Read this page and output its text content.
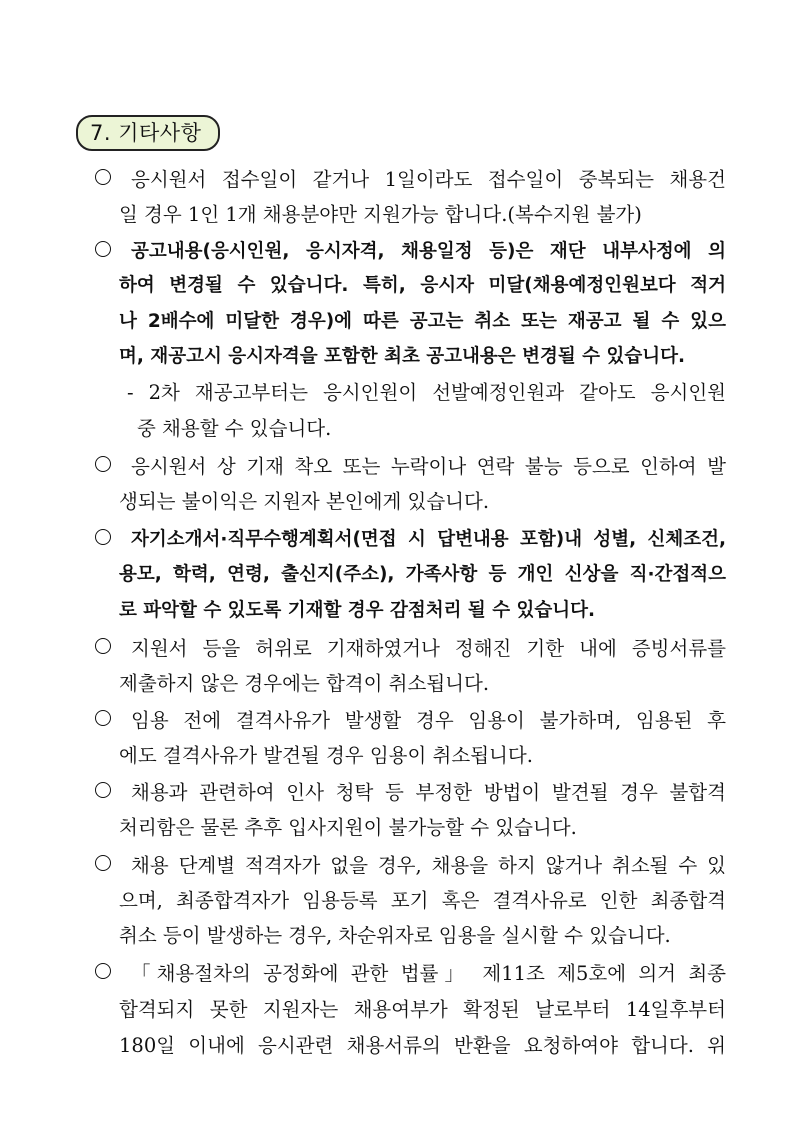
7. 기타사항
응시원서 접수일이 같거나 1일이라도 접수일이 중복되는 채용건
일 경우 1인 1개 채용분야만 지원가능 합니다.(복수지원 불가)
공고내용(응시인원, 응시자격, 채용일정 등)은 재단 내부사정에 의
하여 변경될 수 있습니다. 특히, 응시자 미달(채용예정인원보다 적거
나 2배수에 미달한 경우)에 따른 공고는 취소 또는 재공고 될 수 있으
며, 재공고시 응시자격을 포함한 최초 공고내용은 변경될 수 있습니다.
- 2차 재공고부터는 응시인원이 선발예정인원과 같아도 응시인원
중 채용할 수 있습니다.
응시원서 상 기재 착오 또는 누락이나 연락 불능 등으로 인하여 발
생되는 불이익은 지원자 본인에게 있습니다.
자기소개서·직무수행계획서(면접 시 답변내용 포함)내 성별, 신체조건,
용모, 학력, 연령, 출신지(주소), 가족사항 등 개인 신상을 직·간접적으
로 파악할 수 있도록 기재할 경우 감점처리 될 수 있습니다.
지원서 등을 허위로 기재하였거나 정해진 기한 내에 증빙서류를
제출하지 않은 경우에는 합격이 취소됩니다.
임용 전에 결격사유가 발생할 경우 임용이 불가하며, 임용된 후
에도 결격사유가 발견될 경우 임용이 취소됩니다.
채용과 관련하여 인사 청탁 등 부정한 방법이 발견될 경우 불합격
처리함은 물론 추후 입사지원이 불가능할 수 있습니다.
채용 단계별 적격자가 없을 경우, 채용을 하지 않거나 취소될 수 있
으며, 최종합격자가 임용등록 포기 혹은 결격사유로 인한 최종합격
취소 등이 발생하는 경우, 차순위자로 임용을 실시할 수 있습니다.
「채용절차의 공정화에 관한 법률」 제11조 제5호에 의거 최종
합격되지 못한 지원자는 채용여부가 확정된 날로부터 14일후부터
180일 이내에 응시관련 채용서류의 반환을 요청하여야 합니다. 위
